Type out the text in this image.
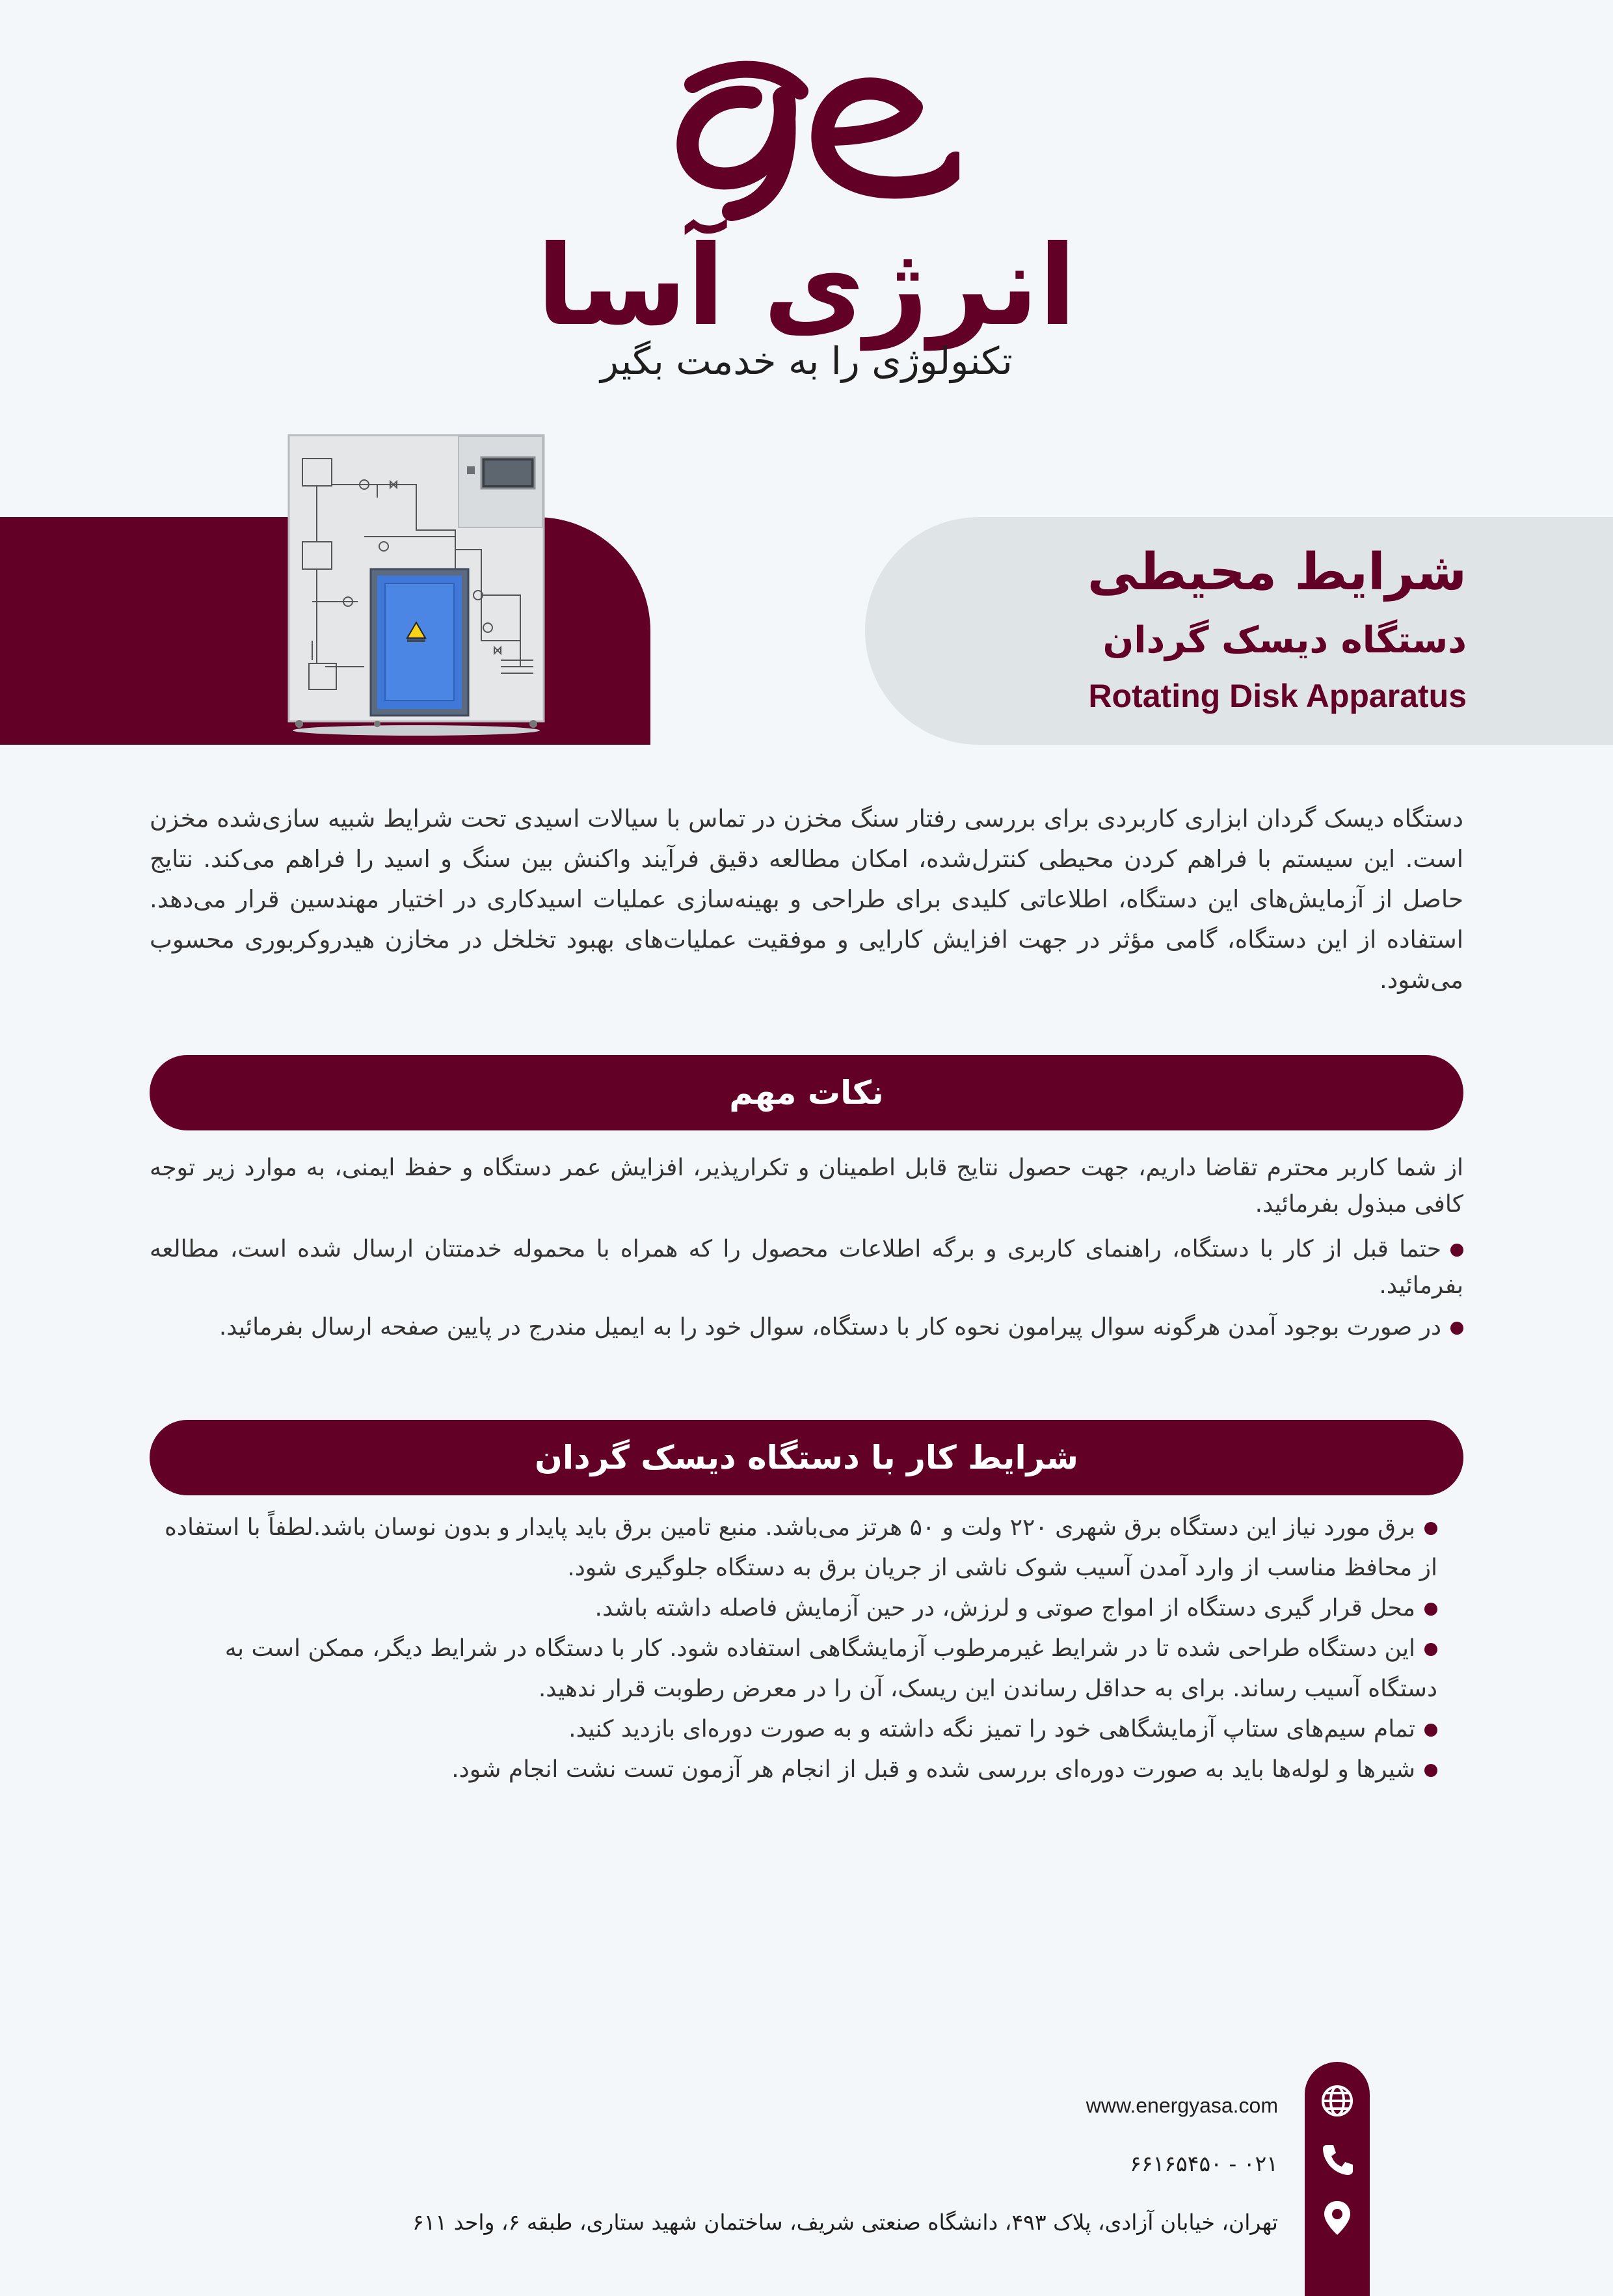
انرژی آسا
تکنولوژی را به خدمت بگیر
شرایط محیطی
دستگاه دیسک گردان
Rotating Disk Apparatus
دستگاه دیسک گردان ابزاری کاربردی برای بررسی رفتار سنگ مخزن در تماس با سیالات اسیدی تحت شرایط شبیه سازی‌شده مخزن است. این سیستم با فراهم کردن محیطی کنترل‌شده، امکان مطالعه دقیق فرآیند واکنش بین سنگ و اسید را فراهم می‌کند. نتایج حاصل از آزمایش‌های این دستگاه، اطلاعاتی کلیدی برای طراحی و بهینه‌سازی عملیات اسیدکاری در اختیار مهندسین قرار می‌دهد. استفاده از این دستگاه، گامی مؤثر در جهت افزایش کارایی و موفقیت عملیات‌های بهبود تخلخل در مخازن هیدروکربوری محسوب می‌شود.
نکات مهم
از شما کاربر محترم تقاضا داریم، جهت حصول نتایج قابل اطمینان و تکرارپذیر، افزایش عمر دستگاه و حفظ ایمنی، به موارد زیر توجه کافی مبذول بفرمائید.
حتما قبل از کار با دستگاه، راهنمای کاربری و برگه اطلاعات محصول را که همراه با محموله خدمتتان ارسال شده است، مطالعه بفرمائید.
در صورت بوجود آمدن هرگونه سوال پیرامون نحوه کار با دستگاه، سوال خود را به ایمیل مندرج در پایین صفحه ارسال بفرمائید.
شرایط کار با دستگاه دیسک گردان
برق مورد نیاز این دستگاه برق شهری ۲۲۰ ولت و ۵۰ هرتز می‌باشد. منبع تامین برق باید پایدار و بدون نوسان باشد.لطفاً با استفاده از محافظ مناسب از وارد آمدن آسیب شوک ناشی از جریان برق به دستگاه جلوگیری شود.
محل قرار گیری دستگاه از امواج صوتی و لرزش، در حین آزمایش فاصله داشته باشد.
این دستگاه طراحی شده تا در شرایط غیرمرطوب آزمایشگاهی استفاده شود. کار با دستگاه در شرایط دیگر، ممکن است به دستگاه آسیب رساند. برای به حداقل رساندن این ریسک، آن را در معرض رطوبت قرار ندهید.
تمام سیم‌های ستاپ آزمایشگاهی خود را تمیز نگه داشته و به صورت دوره‌ای بازدید کنید.
شیرها و لوله‌ها باید به صورت دوره‌ای بررسی شده و قبل از انجام هر آزمون تست نشت انجام شود.
www.energyasa.com
۰۲۱ - ۶۶۱۶۵۴۵۰
تهران، خیابان آزادی، پلاک ۴۹۳، دانشگاه صنعتی شریف، ساختمان شهید ستاری، طبقه ۶، واحد ۶۱۱
